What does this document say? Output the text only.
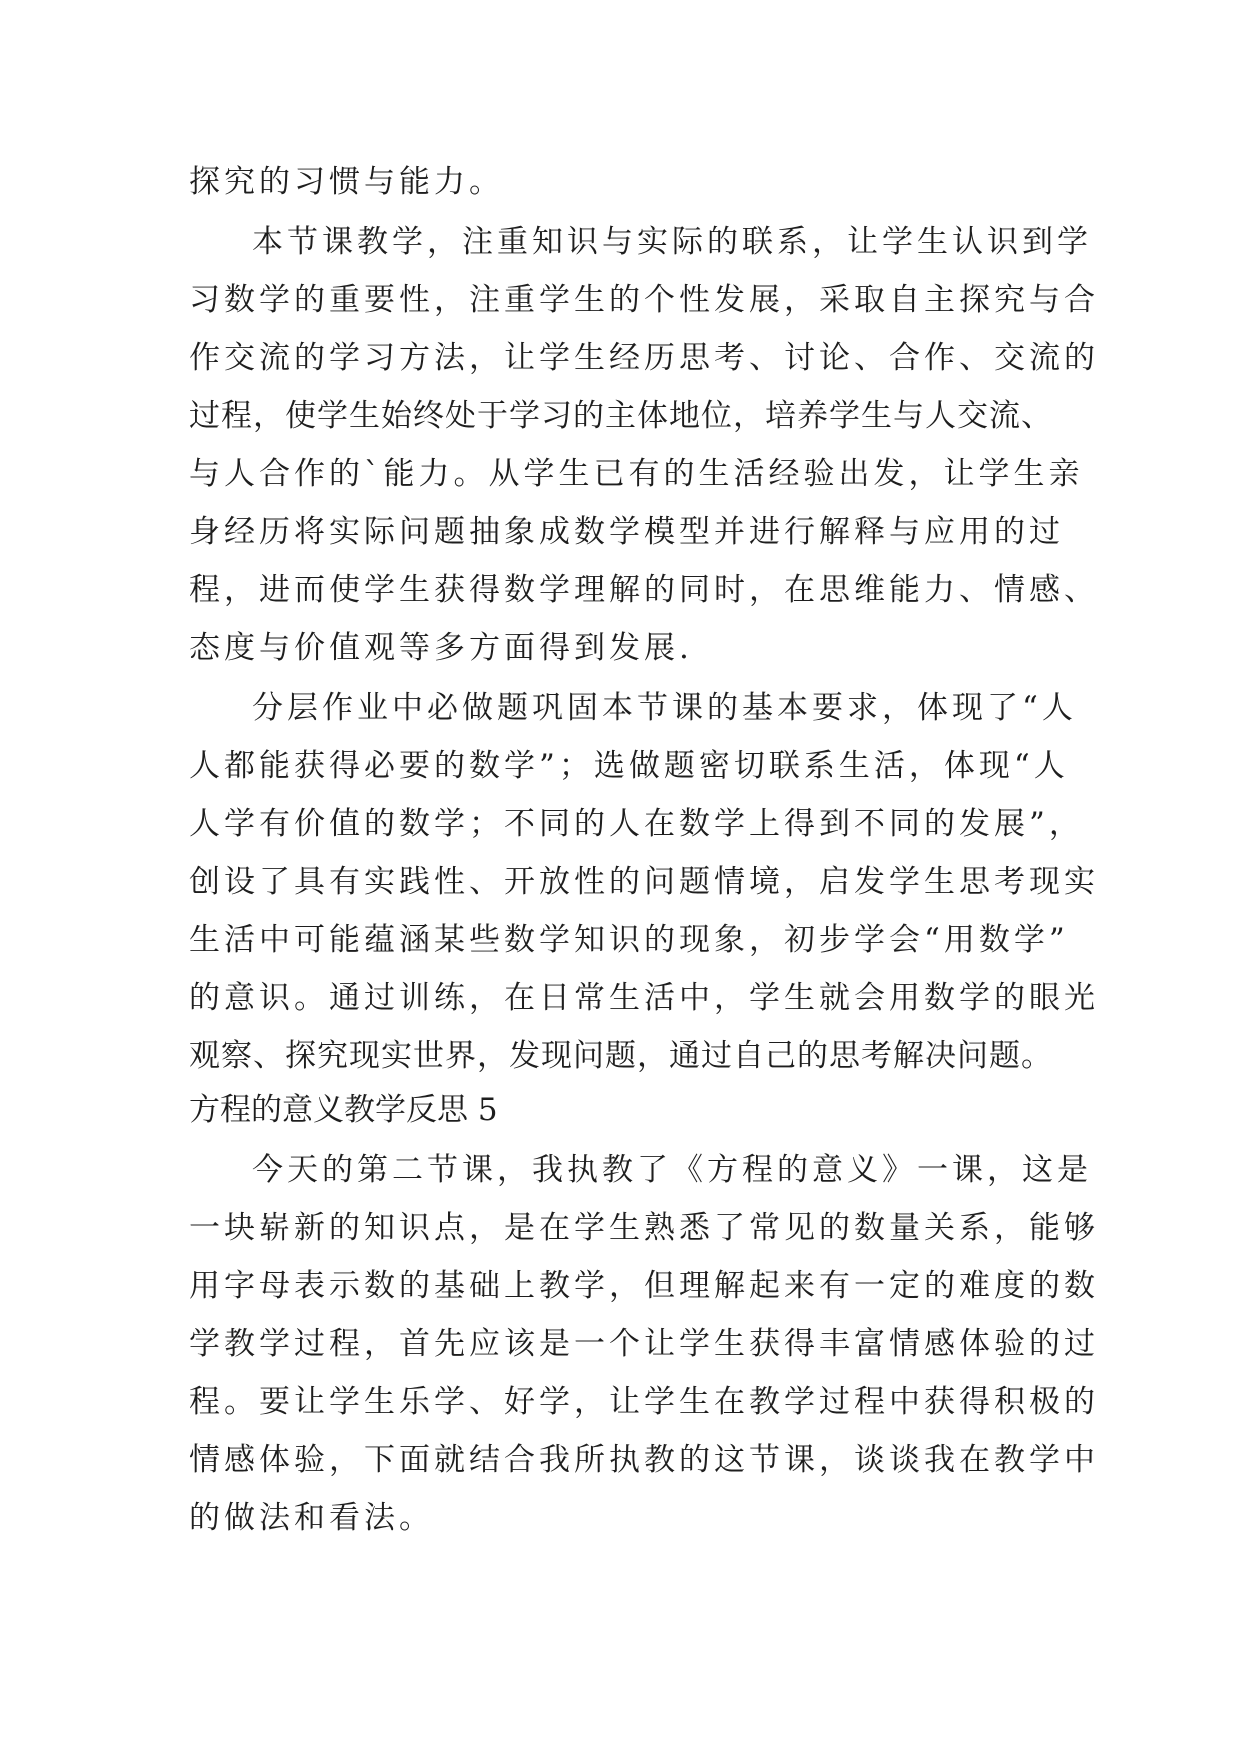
探究的习惯与能力。
本节课教学，注重知识与实际的联系，让学生认识到学
习数学的重要性，注重学生的个性发展，采取自主探究与合
作交流的学习方法，让学生经历思考、讨论、合作、交流的
过程，使学生始终处于学习的主体地位，培养学生与人交流、
与人合作的`能力。从学生已有的生活经验出发，让学生亲
身经历将实际问题抽象成数学模型并进行解释与应用的过
程，进而使学生获得数学理解的同时，在思维能力、情感、
态度与价值观等多方面得到发展.
分层作业中必做题巩固本节课的基本要求，体现了“人
人都能获得必要的数学”；选做题密切联系生活，体现“人
人学有价值的数学；不同的人在数学上得到不同的发展”，
创设了具有实践性、开放性的问题情境，启发学生思考现实
生活中可能蕴涵某些数学知识的现象，初步学会“用数学”
的意识。通过训练，在日常生活中，学生就会用数学的眼光
观察、探究现实世界，发现问题，通过自己的思考解决问题。
方程的意义教学反思 5
今天的第二节课，我执教了《方程的意义》一课，这是
一块崭新的知识点，是在学生熟悉了常见的数量关系，能够
用字母表示数的基础上教学，但理解起来有一定的难度的数
学教学过程，首先应该是一个让学生获得丰富情感体验的过
程。要让学生乐学、好学，让学生在教学过程中获得积极的
情感体验，下面就结合我所执教的这节课，谈谈我在教学中
的做法和看法。
